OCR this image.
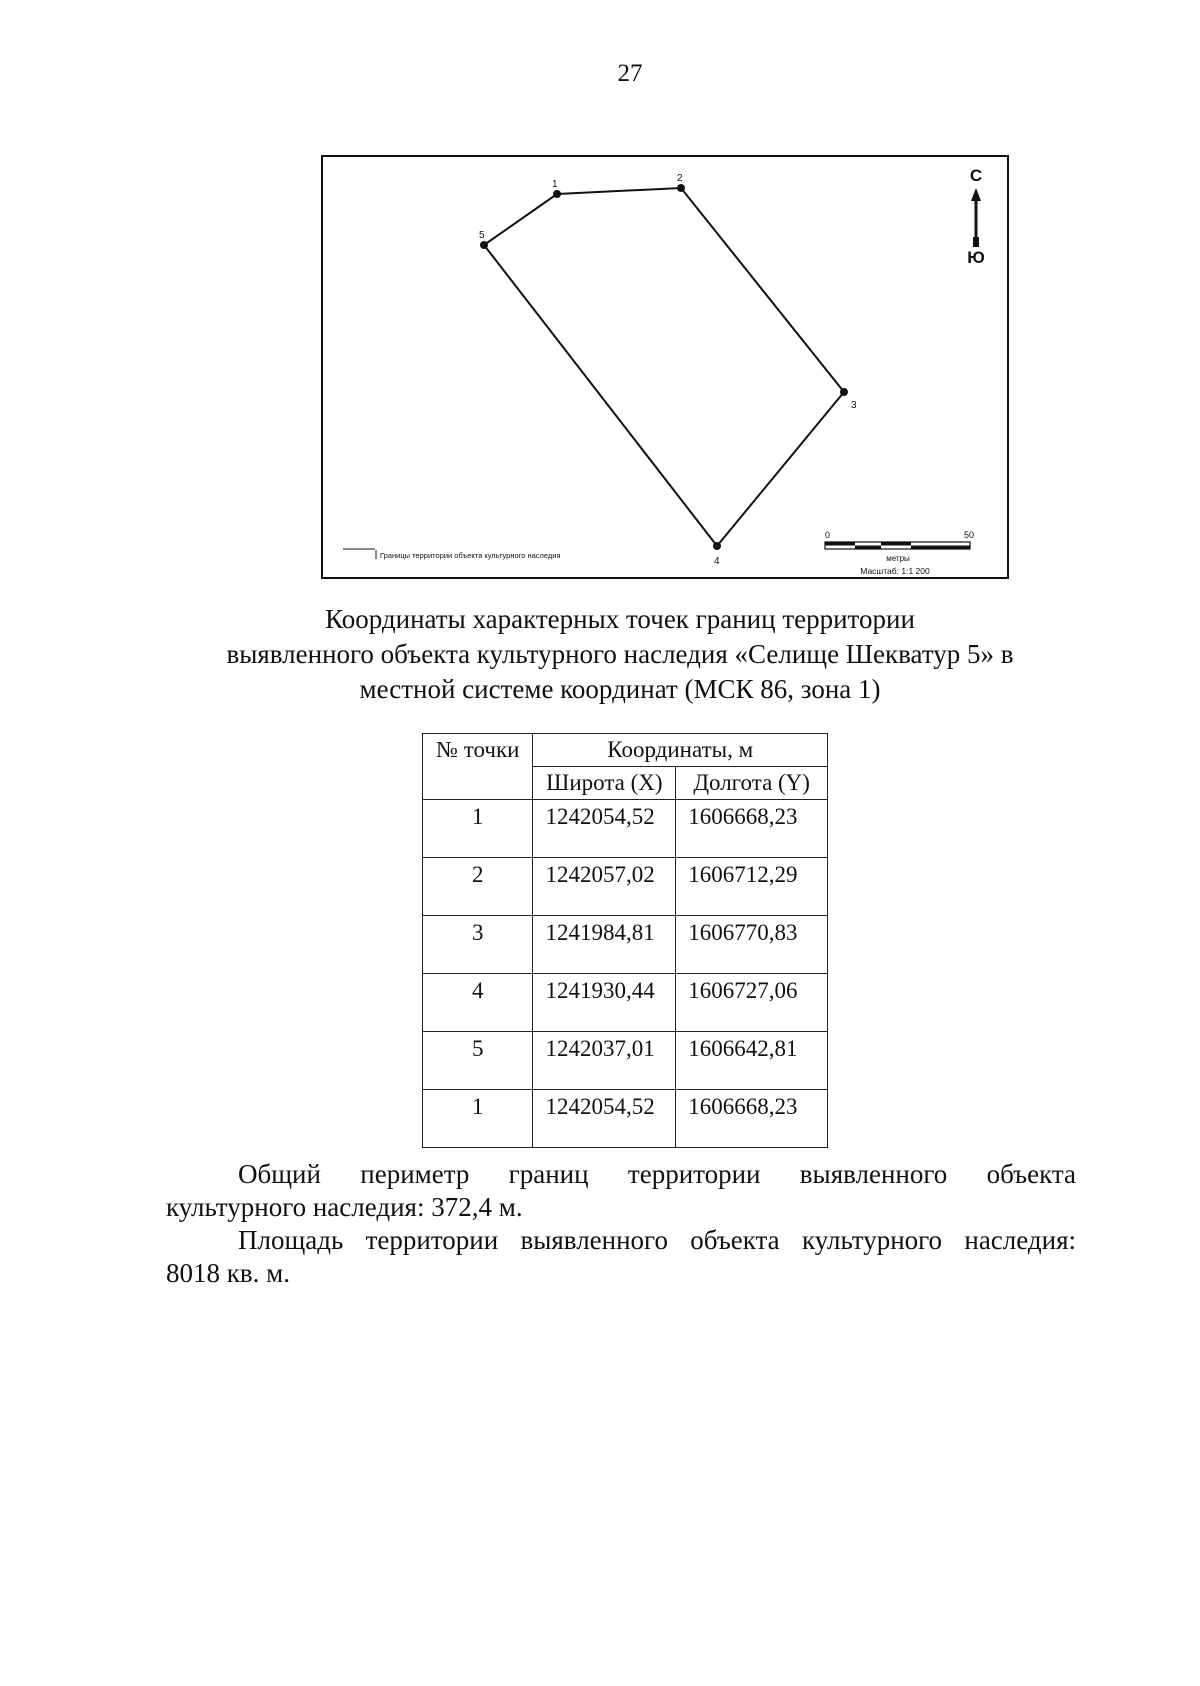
27
1
2
3
4
5
С
Ю
0	50
метры
Масштаб: 1:1 200
Границы территории объекта культурного наследия
Координаты характерных точек границ территории
выявленного объекта культурного наследия «Селище Шекватур 5» в
местной системе координат (МСК 86, зона 1)
№ точки	Координаты, м	
	Широта (X)	Долгота (Y)
1	1242054,52	1606668,23
2	1242057,02	1606712,29
3	1241984,81	1606770,83
4	1241930,44	1606727,06
5	1242037,01	1606642,81
1	1242054,52	1606668,23
Общий периметр границ территории выявленного объекта
культурного наследия: 372,4 м.
Площадь территории выявленного объекта культурного наследия:
8018 кв. м.
